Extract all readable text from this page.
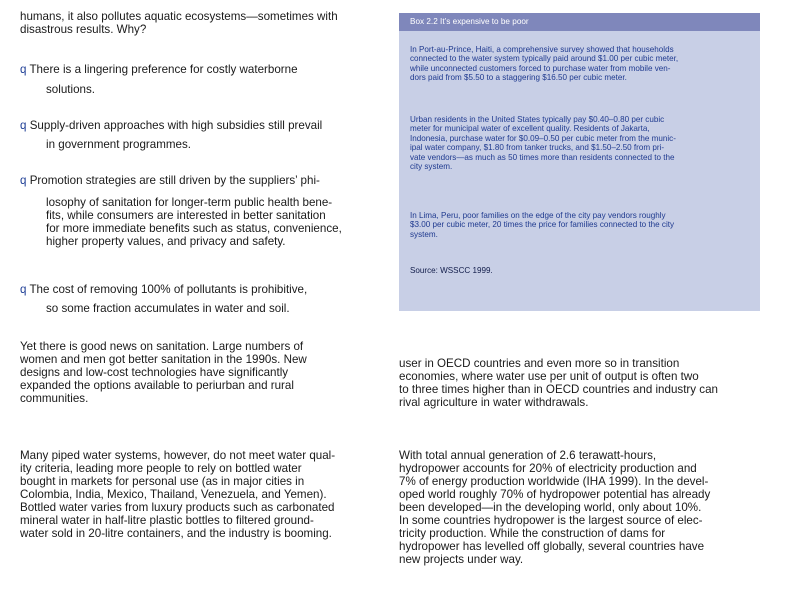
humans, it also pollutes aquatic ecosystems—sometimes with
disastrous results. Why?
q There is a lingering preference for costly waterborne
solutions.
q Supply-driven approaches with high subsidies still prevail
in government programmes.
q Promotion strategies are still driven by the suppliers’ phi-
losophy of sanitation for longer-term public health bene-
fits, while consumers are interested in better sanitation
for more immediate benefits such as status, convenience,
higher property values, and privacy and safety.
q The cost of removing 100% of pollutants is prohibitive,
so some fraction accumulates in water and soil.
Yet there is good news on sanitation. Large numbers of
women and men got better sanitation in the 1990s. New
designs and low-cost technologies have significantly
expanded the options available to periurban and rural
communities.
Many piped water systems, however, do not meet water qual-
ity criteria, leading more people to rely on bottled water
bought in markets for personal use (as in major cities in
Colombia, India, Mexico, Thailand, Venezuela, and Yemen).
Bottled water varies from luxury products such as carbonated
mineral water in half-litre plastic bottles to filtered ground-
water sold in 20-litre containers, and the industry is booming.
Box 2.2 It’s expensive to be poor
In Port-au-Prince, Haiti, a comprehensive survey showed that households
connected to the water system typically paid around $1.00 per cubic meter,
while unconnected customers forced to purchase water from mobile ven-
dors paid from $5.50 to a staggering $16.50 per cubic meter.
Urban residents in the United States typically pay $0.40–0.80 per cubic
meter for municipal water of excellent quality. Residents of Jakarta,
Indonesia, purchase water for $0.09–0.50 per cubic meter from the munic-
ipal water company, $1.80 from tanker trucks, and $1.50–2.50 from pri-
vate vendors—as much as 50 times more than residents connected to the
city system.
In Lima, Peru, poor families on the edge of the city pay vendors roughly
$3.00 per cubic meter, 20 times the price for families connected to the city
system.
Source: WSSCC 1999.
user in OECD countries and even more so in transition
economies, where water use per unit of output is often two
to three times higher than in OECD countries and industry can
rival agriculture in water withdrawals.
With total annual generation of 2.6 terawatt-hours,
hydropower accounts for 20% of electricity production and
7% of energy production worldwide (IHA 1999). In the devel-
oped world roughly 70% of hydropower potential has already
been developed—in the developing world, only about 10%.
In some countries hydropower is the largest source of elec-
tricity production. While the construction of dams for
hydropower has levelled off globally, several countries have
new projects under way.
